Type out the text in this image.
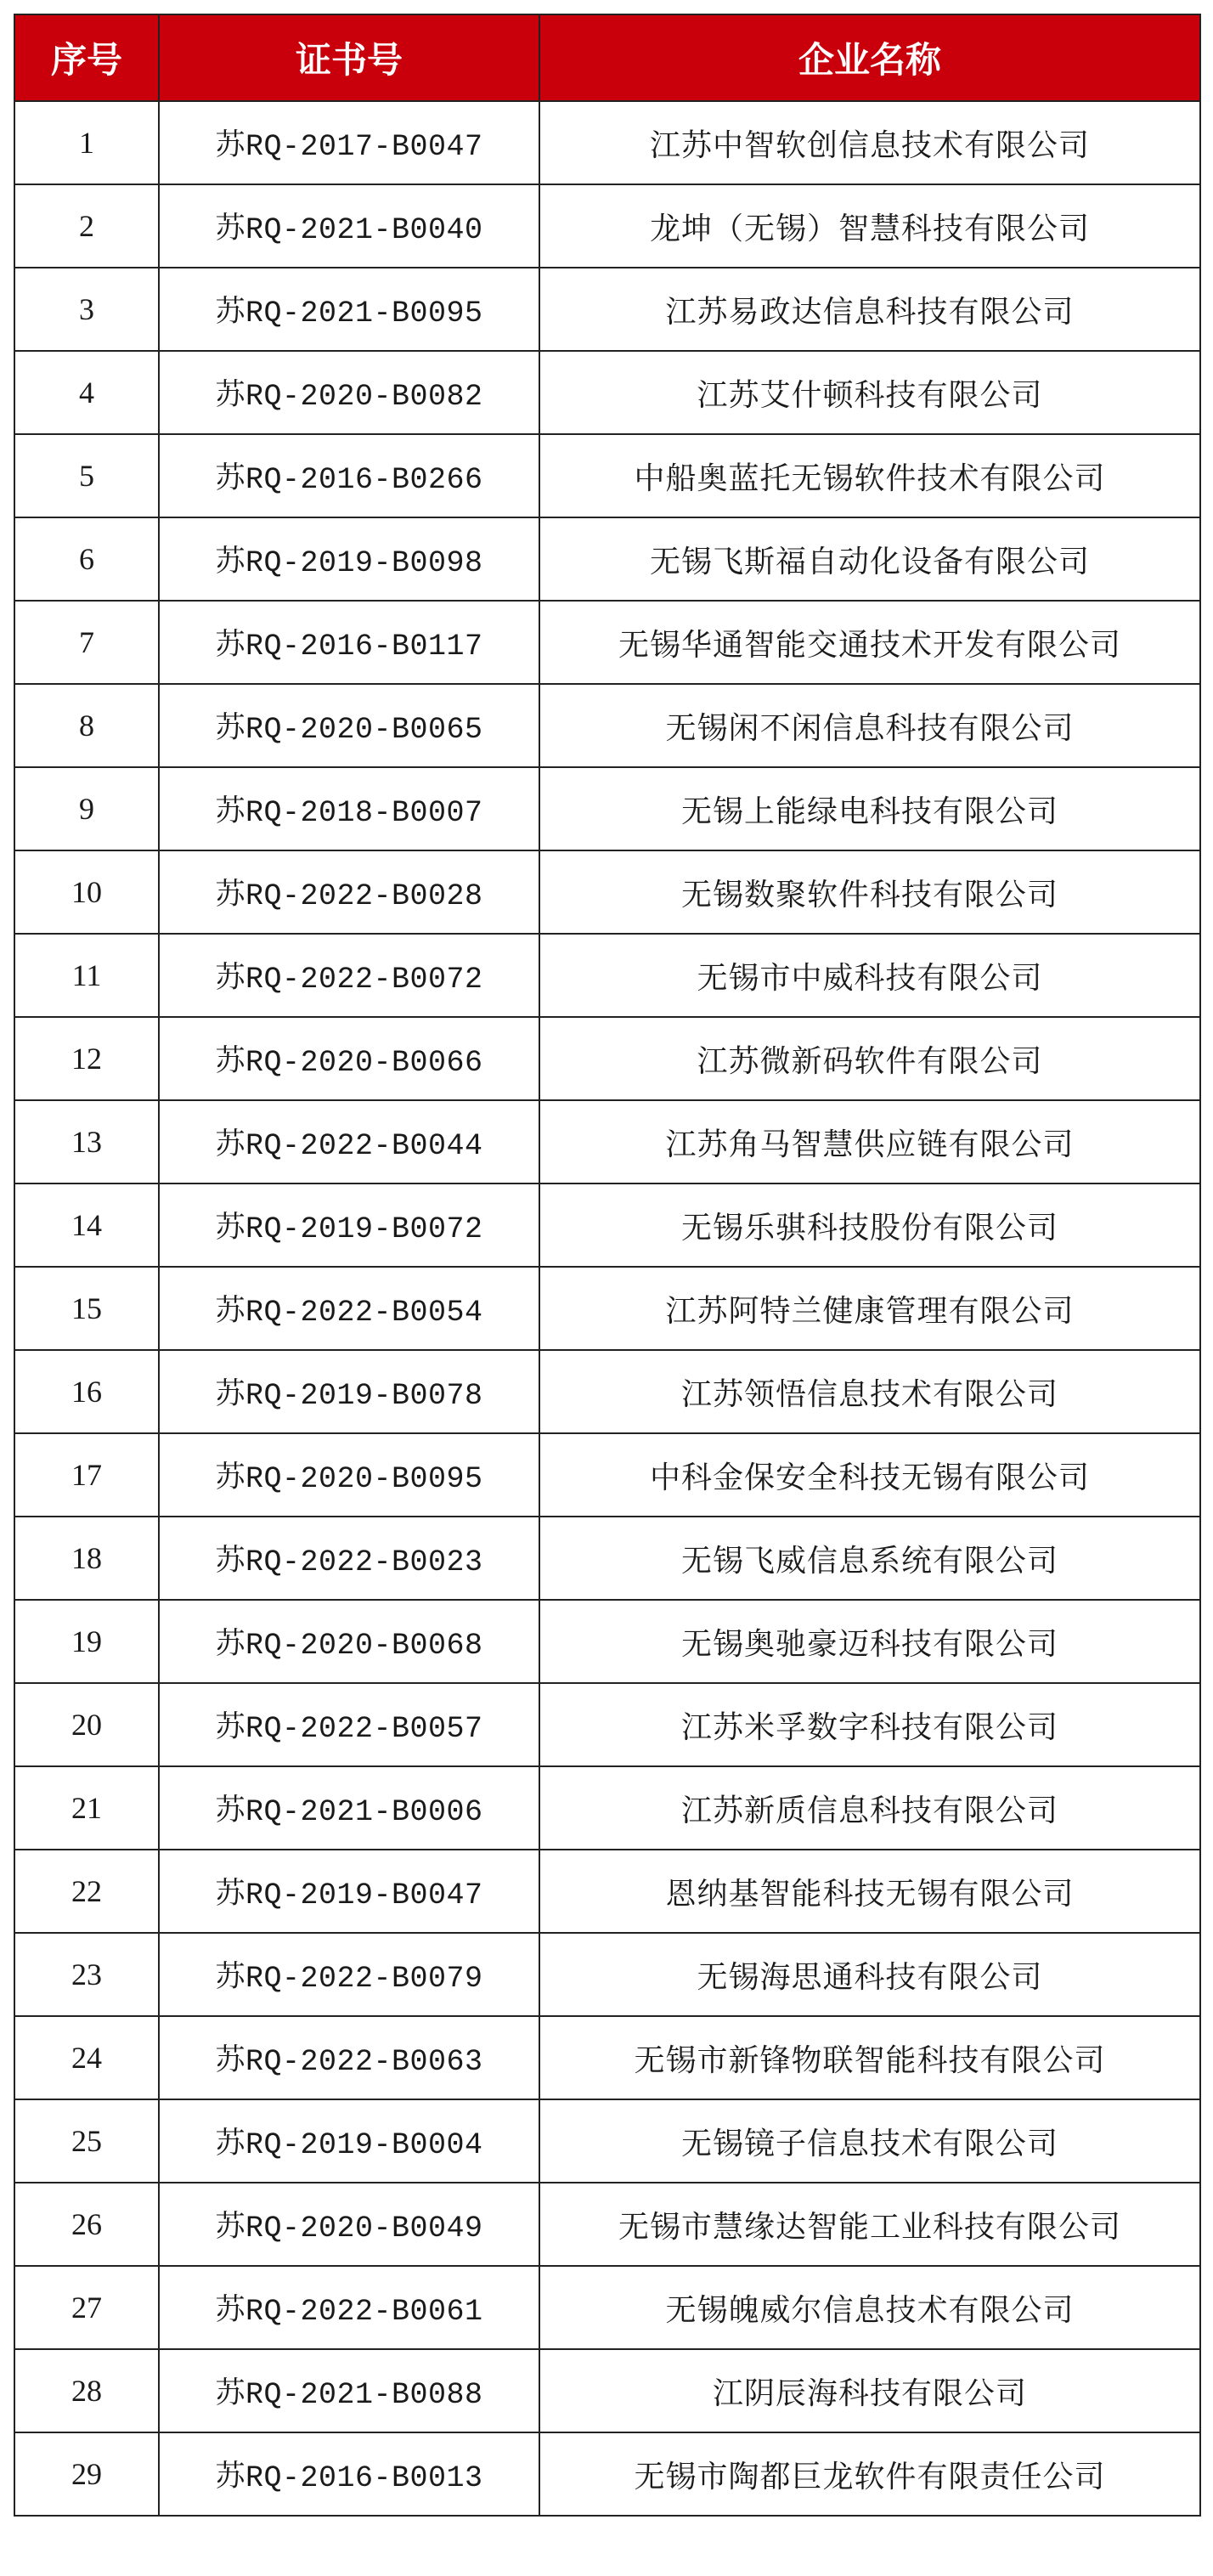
序号	证书号	企业名称
1	苏RQ-2017-B0047	江苏中智软创信息技术有限公司
2	苏RQ-2021-B0040	龙坤（无锡）智慧科技有限公司
3	苏RQ-2021-B0095	江苏易政达信息科技有限公司
4	苏RQ-2020-B0082	江苏艾什顿科技有限公司
5	苏RQ-2016-B0266	中船奥蓝托无锡软件技术有限公司
6	苏RQ-2019-B0098	无锡飞斯福自动化设备有限公司
7	苏RQ-2016-B0117	无锡华通智能交通技术开发有限公司
8	苏RQ-2020-B0065	无锡闲不闲信息科技有限公司
9	苏RQ-2018-B0007	无锡上能绿电科技有限公司
10	苏RQ-2022-B0028	无锡数聚软件科技有限公司
11	苏RQ-2022-B0072	无锡市中威科技有限公司
12	苏RQ-2020-B0066	江苏微新码软件有限公司
13	苏RQ-2022-B0044	江苏角马智慧供应链有限公司
14	苏RQ-2019-B0072	无锡乐骐科技股份有限公司
15	苏RQ-2022-B0054	江苏阿特兰健康管理有限公司
16	苏RQ-2019-B0078	江苏领悟信息技术有限公司
17	苏RQ-2020-B0095	中科金保安全科技无锡有限公司
18	苏RQ-2022-B0023	无锡飞威信息系统有限公司
19	苏RQ-2020-B0068	无锡奥驰豪迈科技有限公司
20	苏RQ-2022-B0057	江苏米孚数字科技有限公司
21	苏RQ-2021-B0006	江苏新质信息科技有限公司
22	苏RQ-2019-B0047	恩纳基智能科技无锡有限公司
23	苏RQ-2022-B0079	无锡海思通科技有限公司
24	苏RQ-2022-B0063	无锡市新锋物联智能科技有限公司
25	苏RQ-2019-B0004	无锡镜子信息技术有限公司
26	苏RQ-2020-B0049	无锡市慧缘达智能工业科技有限公司
27	苏RQ-2022-B0061	无锡魄威尔信息技术有限公司
28	苏RQ-2021-B0088	江阴辰海科技有限公司
29	苏RQ-2016-B0013	无锡市陶都巨龙软件有限责任公司
